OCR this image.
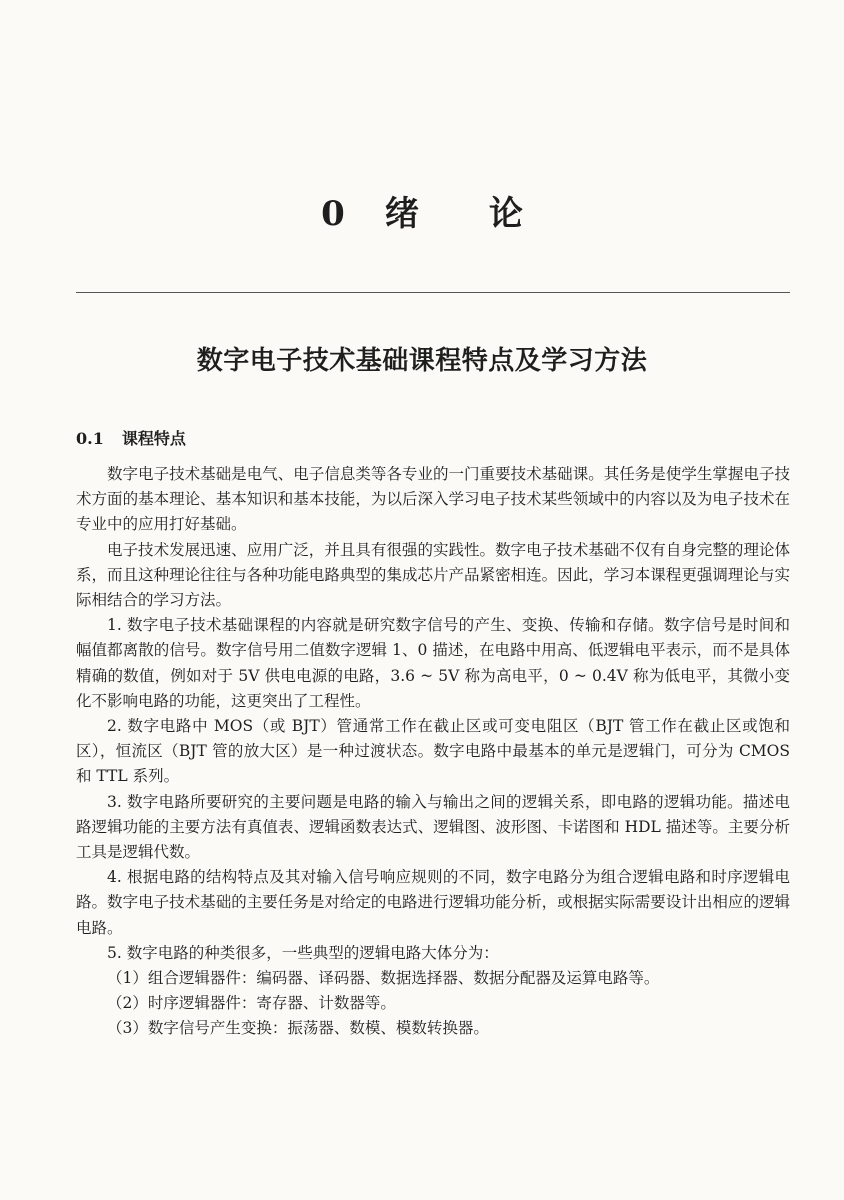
0 绪 论
数字电子技术基础课程特点及学习方法
0.1 课程特点

数字电子技术基础是电气、电子信息类等各专业的一门重要技术基础课。其任务是使学生掌握电子技术方面的基本理论、基本知识和基本技能，为以后深入学习电子技术某些领域中的内容以及为电子技术在专业中的应用打好基础。

电子技术发展迅速、应用广泛，并且具有很强的实践性。数字电子技术基础不仅有自身完整的理论体系，而且这种理论往往与各种功能电路典型的集成芯片产品紧密相连。因此，学习本课程更强调理论与实际相结合的学习方法。

1. 数字电子技术基础课程的内容就是研究数字信号的产生、变换、传输和存储。数字信号是时间和幅值都离散的信号。数字信号用二值数字逻辑 1、0 描述，在电路中用高、低逻辑电平表示，而不是具体精确的数值，例如对于 5V 供电电源的电路，3.6 ~ 5V 称为高电平，0 ~ 0.4V 称为低电平，其微小变化不影响电路的功能，这更突出了工程性。

2. 数字电路中 MOS（或 BJT）管通常工作在截止区或可变电阻区（BJT 管工作在截止区或饱和区），恒流区（BJT 管的放大区）是一种过渡状态。数字电路中最基本的单元是逻辑门，可分为 CMOS 和 TTL 系列。

3. 数字电路所要研究的主要问题是电路的输入与输出之间的逻辑关系，即电路的逻辑功能。描述电路逻辑功能的主要方法有真值表、逻辑函数表达式、逻辑图、波形图、卡诺图和 HDL 描述等。主要分析工具是逻辑代数。

4. 根据电路的结构特点及其对输入信号响应规则的不同，数字电路分为组合逻辑电路和时序逻辑电路。数字电子技术基础的主要任务是对给定的电路进行逻辑功能分析，或根据实际需要设计出相应的逻辑电路。

5. 数字电路的种类很多，一些典型的逻辑电路大体分为：

（1）组合逻辑器件：编码器、译码器、数据选择器、数据分配器及运算电路等。

（2）时序逻辑器件：寄存器、计数器等。

（3）数字信号产生变换：振荡器、数模、模数转换器。
